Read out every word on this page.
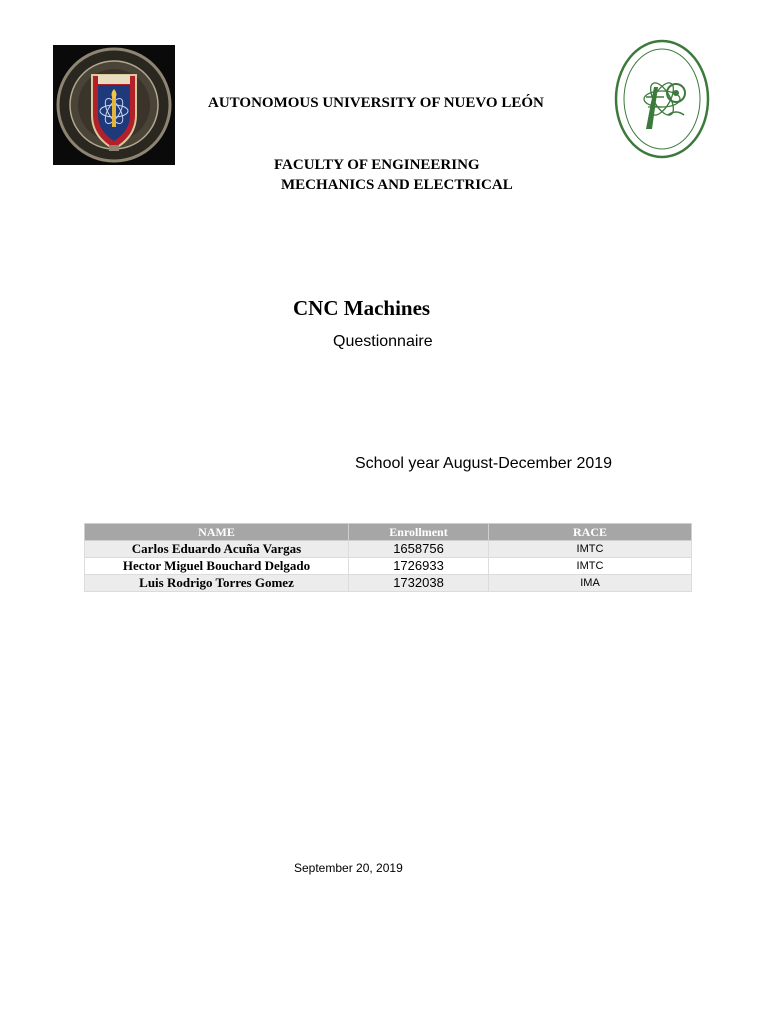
AUTONOMOUS UNIVERSITY OF NUEVO LEÓN
FACULTY OF ENGINEERING
MECHANICS AND ELECTRICAL
CNC Machines
Questionnaire
School year August-December 2019
NAME	Enrollment	RACE
Carlos Eduardo Acuña Vargas	1658756	IMTC
Hector Miguel Bouchard Delgado	1726933	IMTC
Luis Rodrigo Torres Gomez	1732038	IMA
September 20, 2019
